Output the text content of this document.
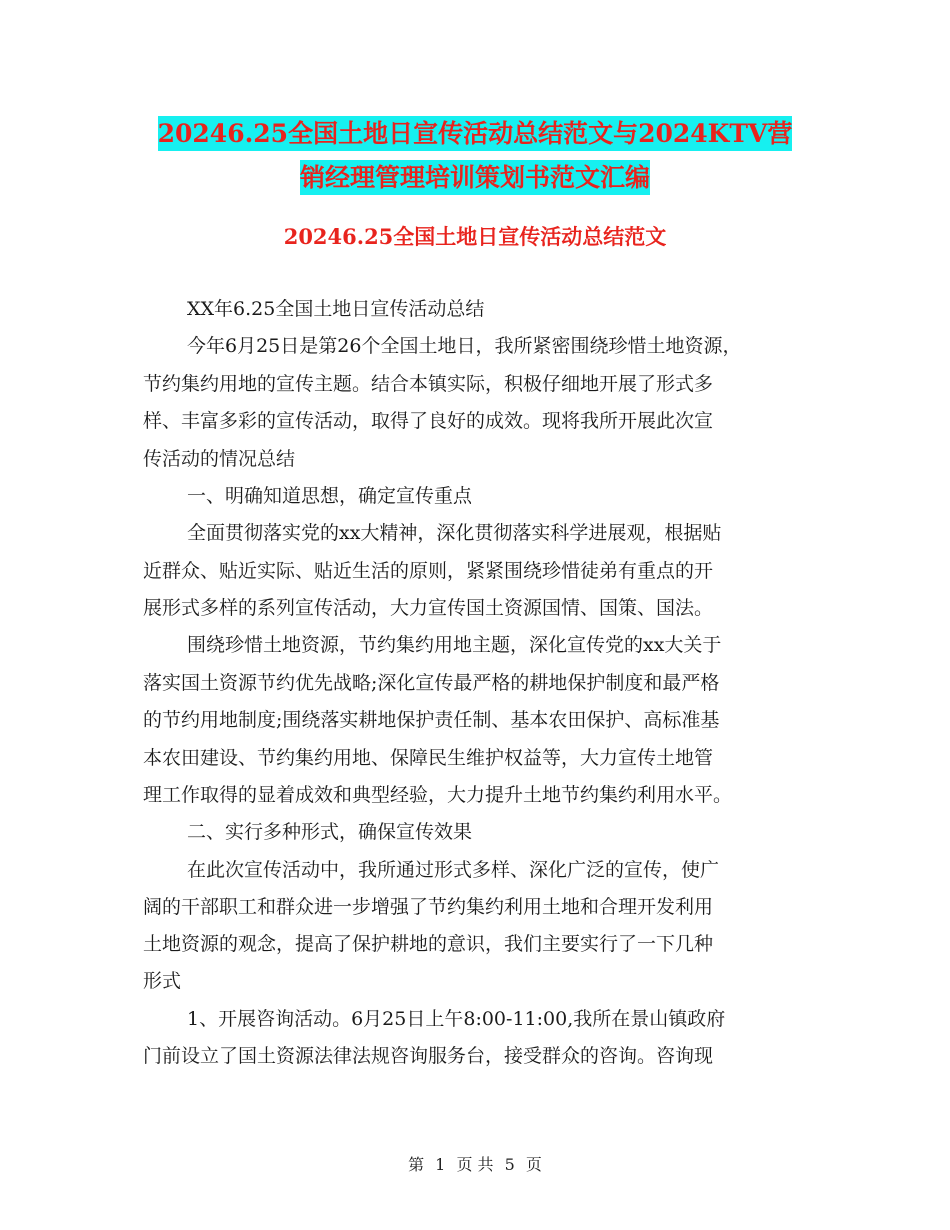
20246.25全国土地日宣传活动总结范文与2024KTV营
销经理管理培训策划书范文汇编
20246.25全国土地日宣传活动总结范文
XX年6.25全国土地日宣传活动总结
今年6月25日是第26个全国土地日，我所紧密围绕珍惜土地资源，
节约集约用地的宣传主题。结合本镇实际，积极仔细地开展了形式多
样、丰富多彩的宣传活动，取得了良好的成效。现将我所开展此次宣
传活动的情况总结
一、明确知道思想，确定宣传重点
全面贯彻落实党的xx大精神，深化贯彻落实科学进展观，根据贴
近群众、贴近实际、贴近生活的原则，紧紧围绕珍惜徒弟有重点的开
展形式多样的系列宣传活动，大力宣传国土资源国情、国策、国法。
围绕珍惜土地资源，节约集约用地主题，深化宣传党的xx大关于
落实国土资源节约优先战略;深化宣传最严格的耕地保护制度和最严格
的节约用地制度;围绕落实耕地保护责任制、基本农田保护、高标准基
本农田建设、节约集约用地、保障民生维护权益等，大力宣传土地管
理工作取得的显着成效和典型经验，大力提升土地节约集约利用水平。
二、实行多种形式，确保宣传效果
在此次宣传活动中，我所通过形式多样、深化广泛的宣传，使广
阔的干部职工和群众进一步增强了节约集约利用土地和合理开发利用
土地资源的观念，提高了保护耕地的意识，我们主要实行了一下几种
形式
1、开展咨询活动。6月25日上午8:00-11:00,我所在景山镇政府
门前设立了国土资源法律法规咨询服务台，接受群众的咨询。咨询现
第 1 页 共 5 页
